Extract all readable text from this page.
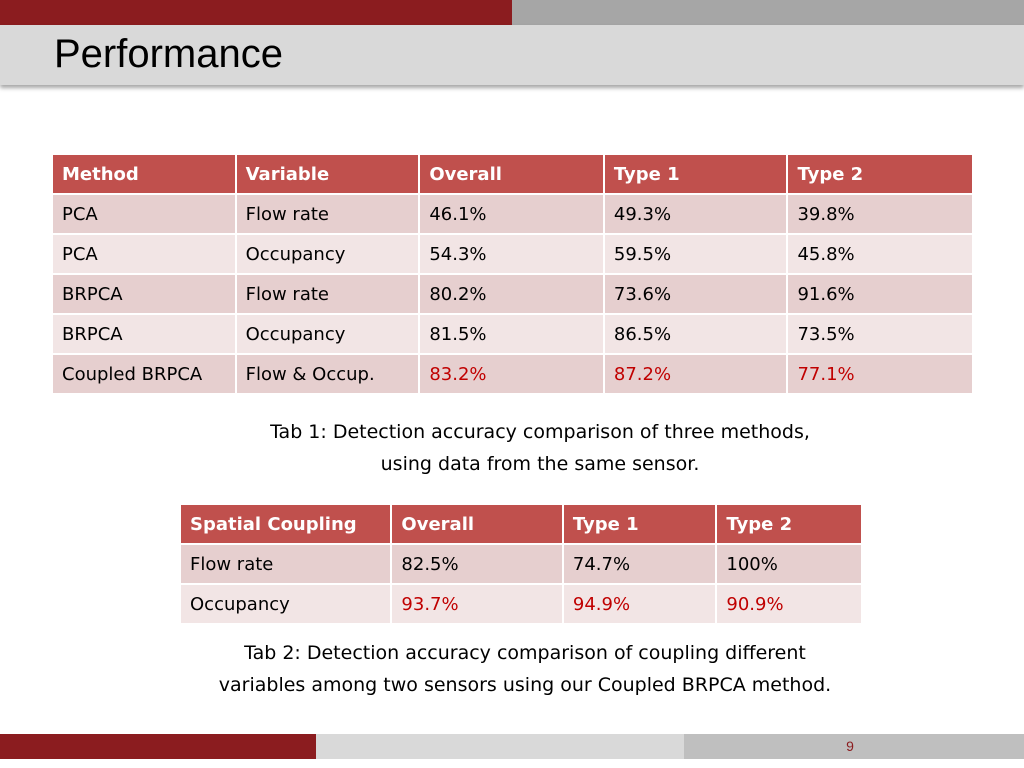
Performance
Method	Variable	Overall	Type 1	Type 2
PCA	Flow rate	46.1%	49.3%	39.8%
PCA	Occupancy	54.3%	59.5%	45.8%
BRPCA	Flow rate	80.2%	73.6%	91.6%
BRPCA	Occupancy	81.5%	86.5%	73.5%
Coupled BRPCA	Flow & Occup.	83.2%	87.2%	77.1%

Tab 1: Detection accuracy comparison of three methods,
using data from the same sensor.

Spatial Coupling	Overall	Type 1	Type 2
Flow rate	82.5%	74.7%	100%
Occupancy	93.7%	94.9%	90.9%

Tab 2: Detection accuracy comparison of coupling different
variables among two sensors using our Coupled BRPCA method.

9
